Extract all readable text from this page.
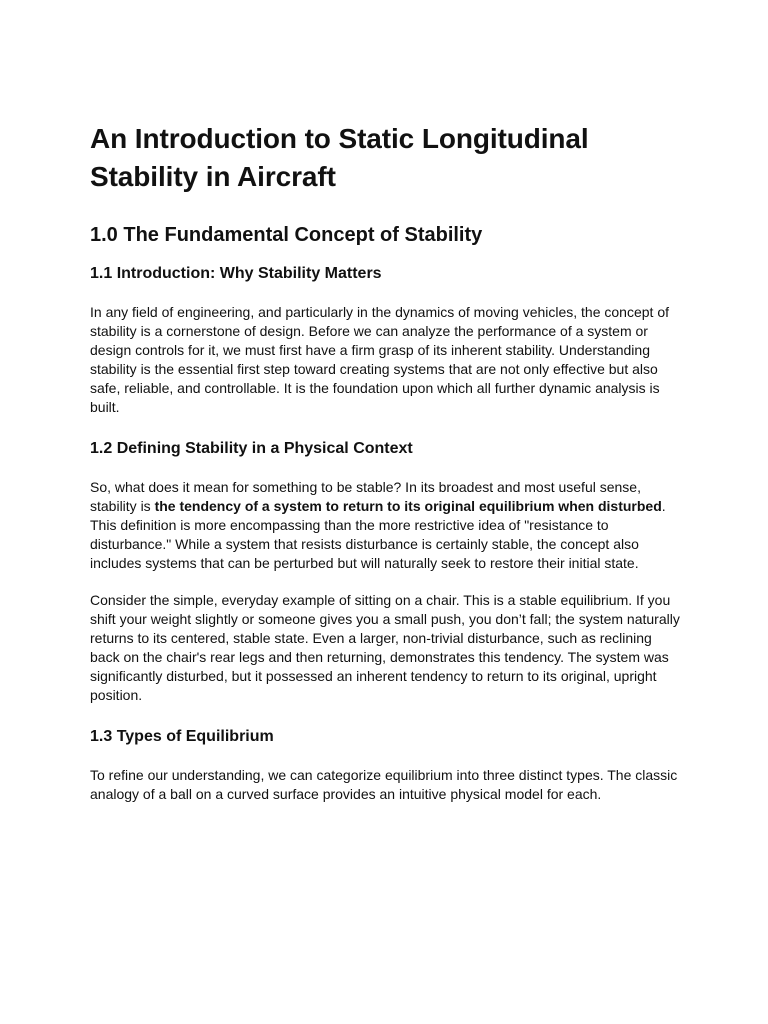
An Introduction to Static Longitudinal Stability in Aircraft
1.0 The Fundamental Concept of Stability
1.1 Introduction: Why Stability Matters

In any field of engineering, and particularly in the dynamics of moving vehicles, the concept of stability is a cornerstone of design. Before we can analyze the performance of a system or design controls for it, we must first have a firm grasp of its inherent stability. Understanding stability is the essential first step toward creating systems that are not only effective but also safe, reliable, and controllable. It is the foundation upon which all further dynamic analysis is built.

1.2 Defining Stability in a Physical Context

So, what does it mean for something to be stable? In its broadest and most useful sense, stability is the tendency of a system to return to its original equilibrium when disturbed. This definition is more encompassing than the more restrictive idea of "resistance to disturbance." While a system that resists disturbance is certainly stable, the concept also includes systems that can be perturbed but will naturally seek to restore their initial state.

Consider the simple, everyday example of sitting on a chair. This is a stable equilibrium. If you shift your weight slightly or someone gives you a small push, you don’t fall; the system naturally returns to its centered, stable state. Even a larger, non-trivial disturbance, such as reclining back on the chair's rear legs and then returning, demonstrates this tendency. The system was significantly disturbed, but it possessed an inherent tendency to return to its original, upright position.

1.3 Types of Equilibrium

To refine our understanding, we can categorize equilibrium into three distinct types. The classic analogy of a ball on a curved surface provides an intuitive physical model for each.
